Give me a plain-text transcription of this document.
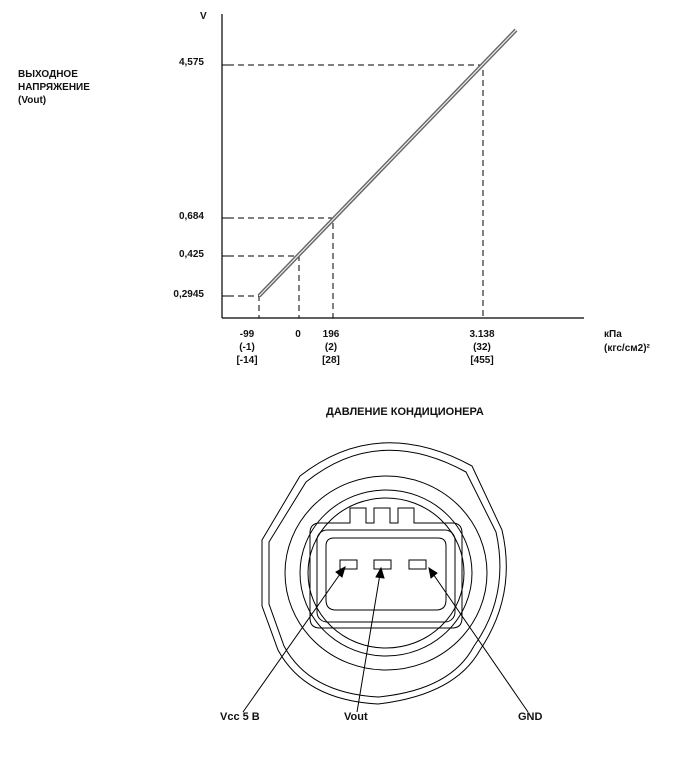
V
ВЫХОДНОЕ
НАПРЯЖЕНИЕ
(Vout)
4,575
0,684
0,425
0,2945
-99
(-1)
[-14]
0	196
(2)
[28]
3.138
(32)
[455]
кПа
(кгс/см2)²
ДАВЛЕНИЕ КОНДИЦИОНЕРА
Vcc 5 В	Vout	GND
